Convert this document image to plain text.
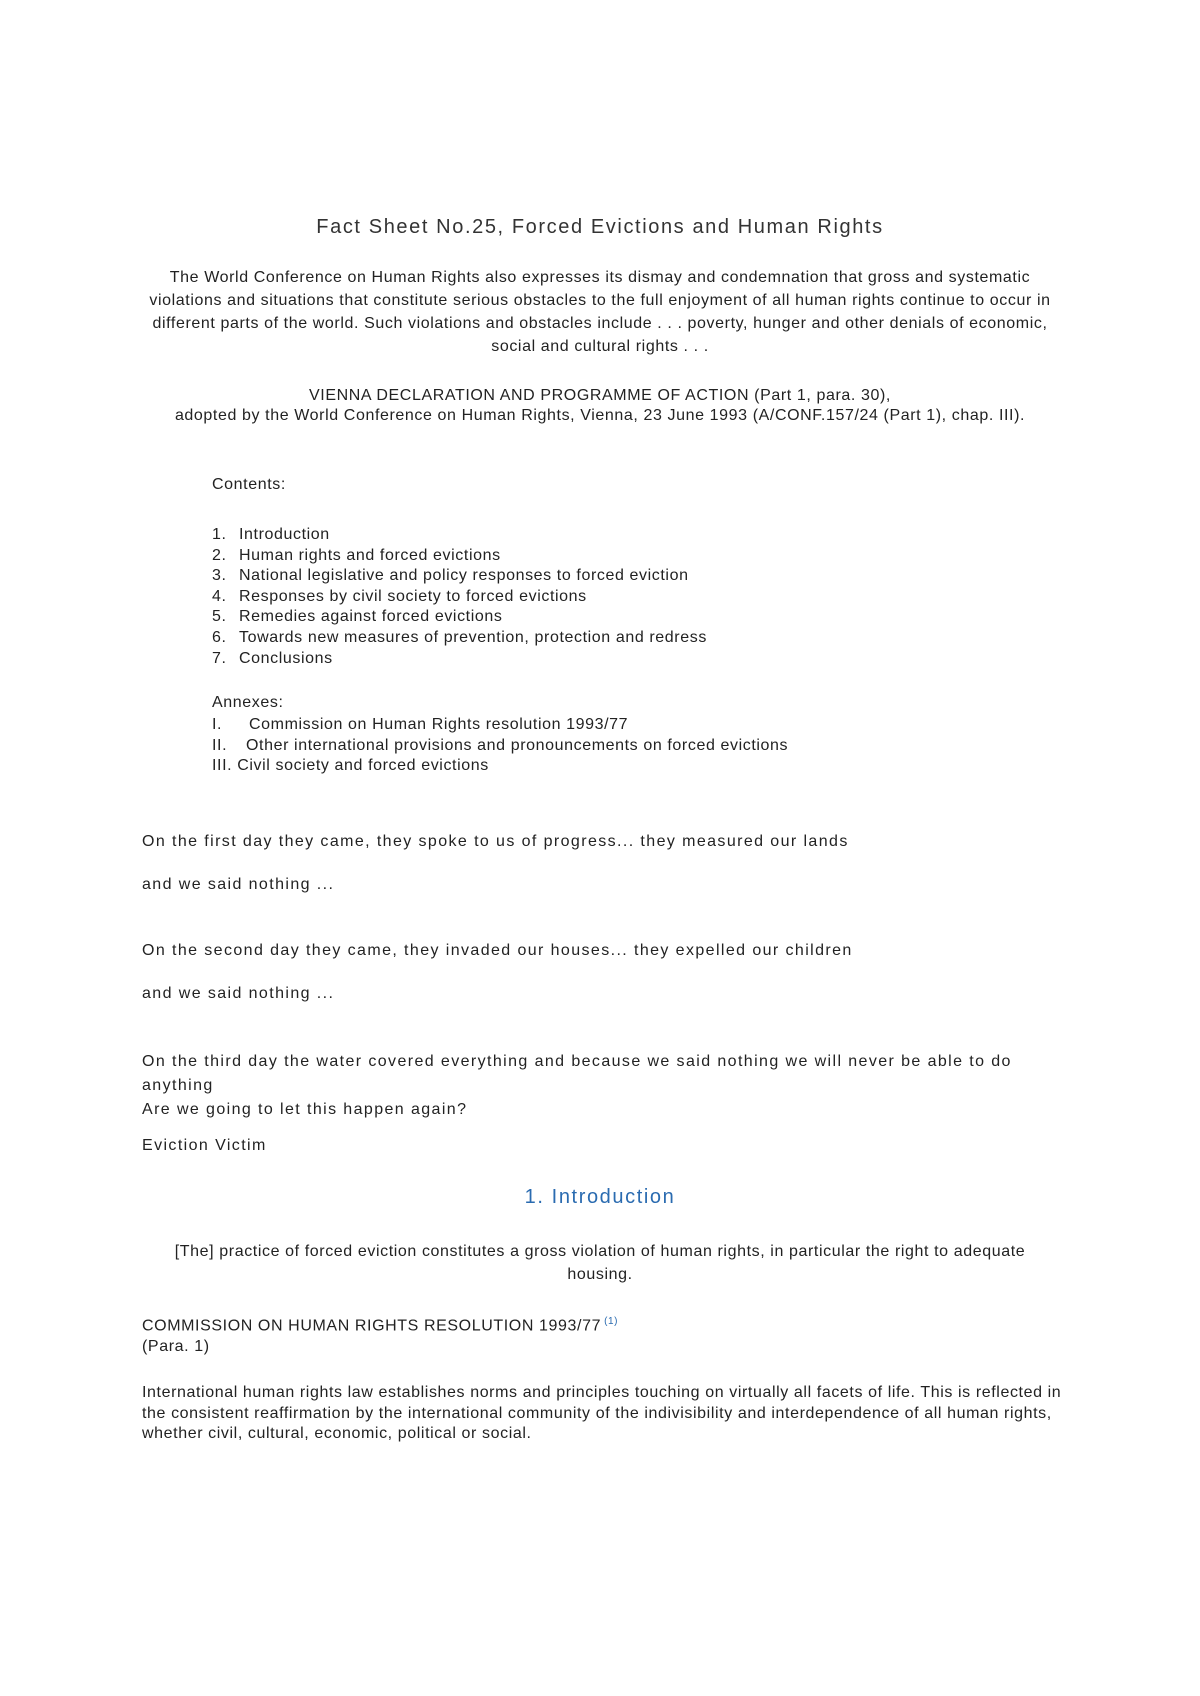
Fact Sheet No.25, Forced Evictions and Human Rights
The World Conference on Human Rights also expresses its dismay and condemnation that gross and systematic violations and situations that constitute serious obstacles to the full enjoyment of all human rights continue to occur in different parts of the world. Such violations and obstacles include . . . poverty, hunger and other denials of economic, social and cultural rights . . .
VIENNA DECLARATION AND PROGRAMME OF ACTION (Part 1, para. 30),
adopted by the World Conference on Human Rights, Vienna, 23 June 1993 (A/CONF.157/24 (Part 1), chap. III).
Contents:
1. Introduction
2. Human rights and forced evictions
3. National legislative and policy responses to forced eviction
4. Responses by civil society to forced evictions
5. Remedies against forced evictions
6. Towards new measures of prevention, protection and redress
7. Conclusions
Annexes:
I. Commission on Human Rights resolution 1993/77
II. Other international provisions and pronouncements on forced evictions
III. Civil society and forced evictions
On the first day they came, they spoke to us of progress... they measured our lands
and we said nothing ...
On the second day they came, they invaded our houses... they expelled our children
and we said nothing ...
On the third day the water covered everything and because we said nothing we will never be able to do anything
Are we going to let this happen again?
Eviction Victim
1. Introduction
[The] practice of forced eviction constitutes a gross violation of human rights, in particular the right to adequate housing.
COMMISSION ON HUMAN RIGHTS RESOLUTION 1993/77 $^{(1)}$
(Para. 1)
International human rights law establishes norms and principles touching on virtually all facets of life. This is reflected in the consistent reaffirmation by the international community of the indivisibility and interdependence of all human rights, whether civil, cultural, economic, political or social.
